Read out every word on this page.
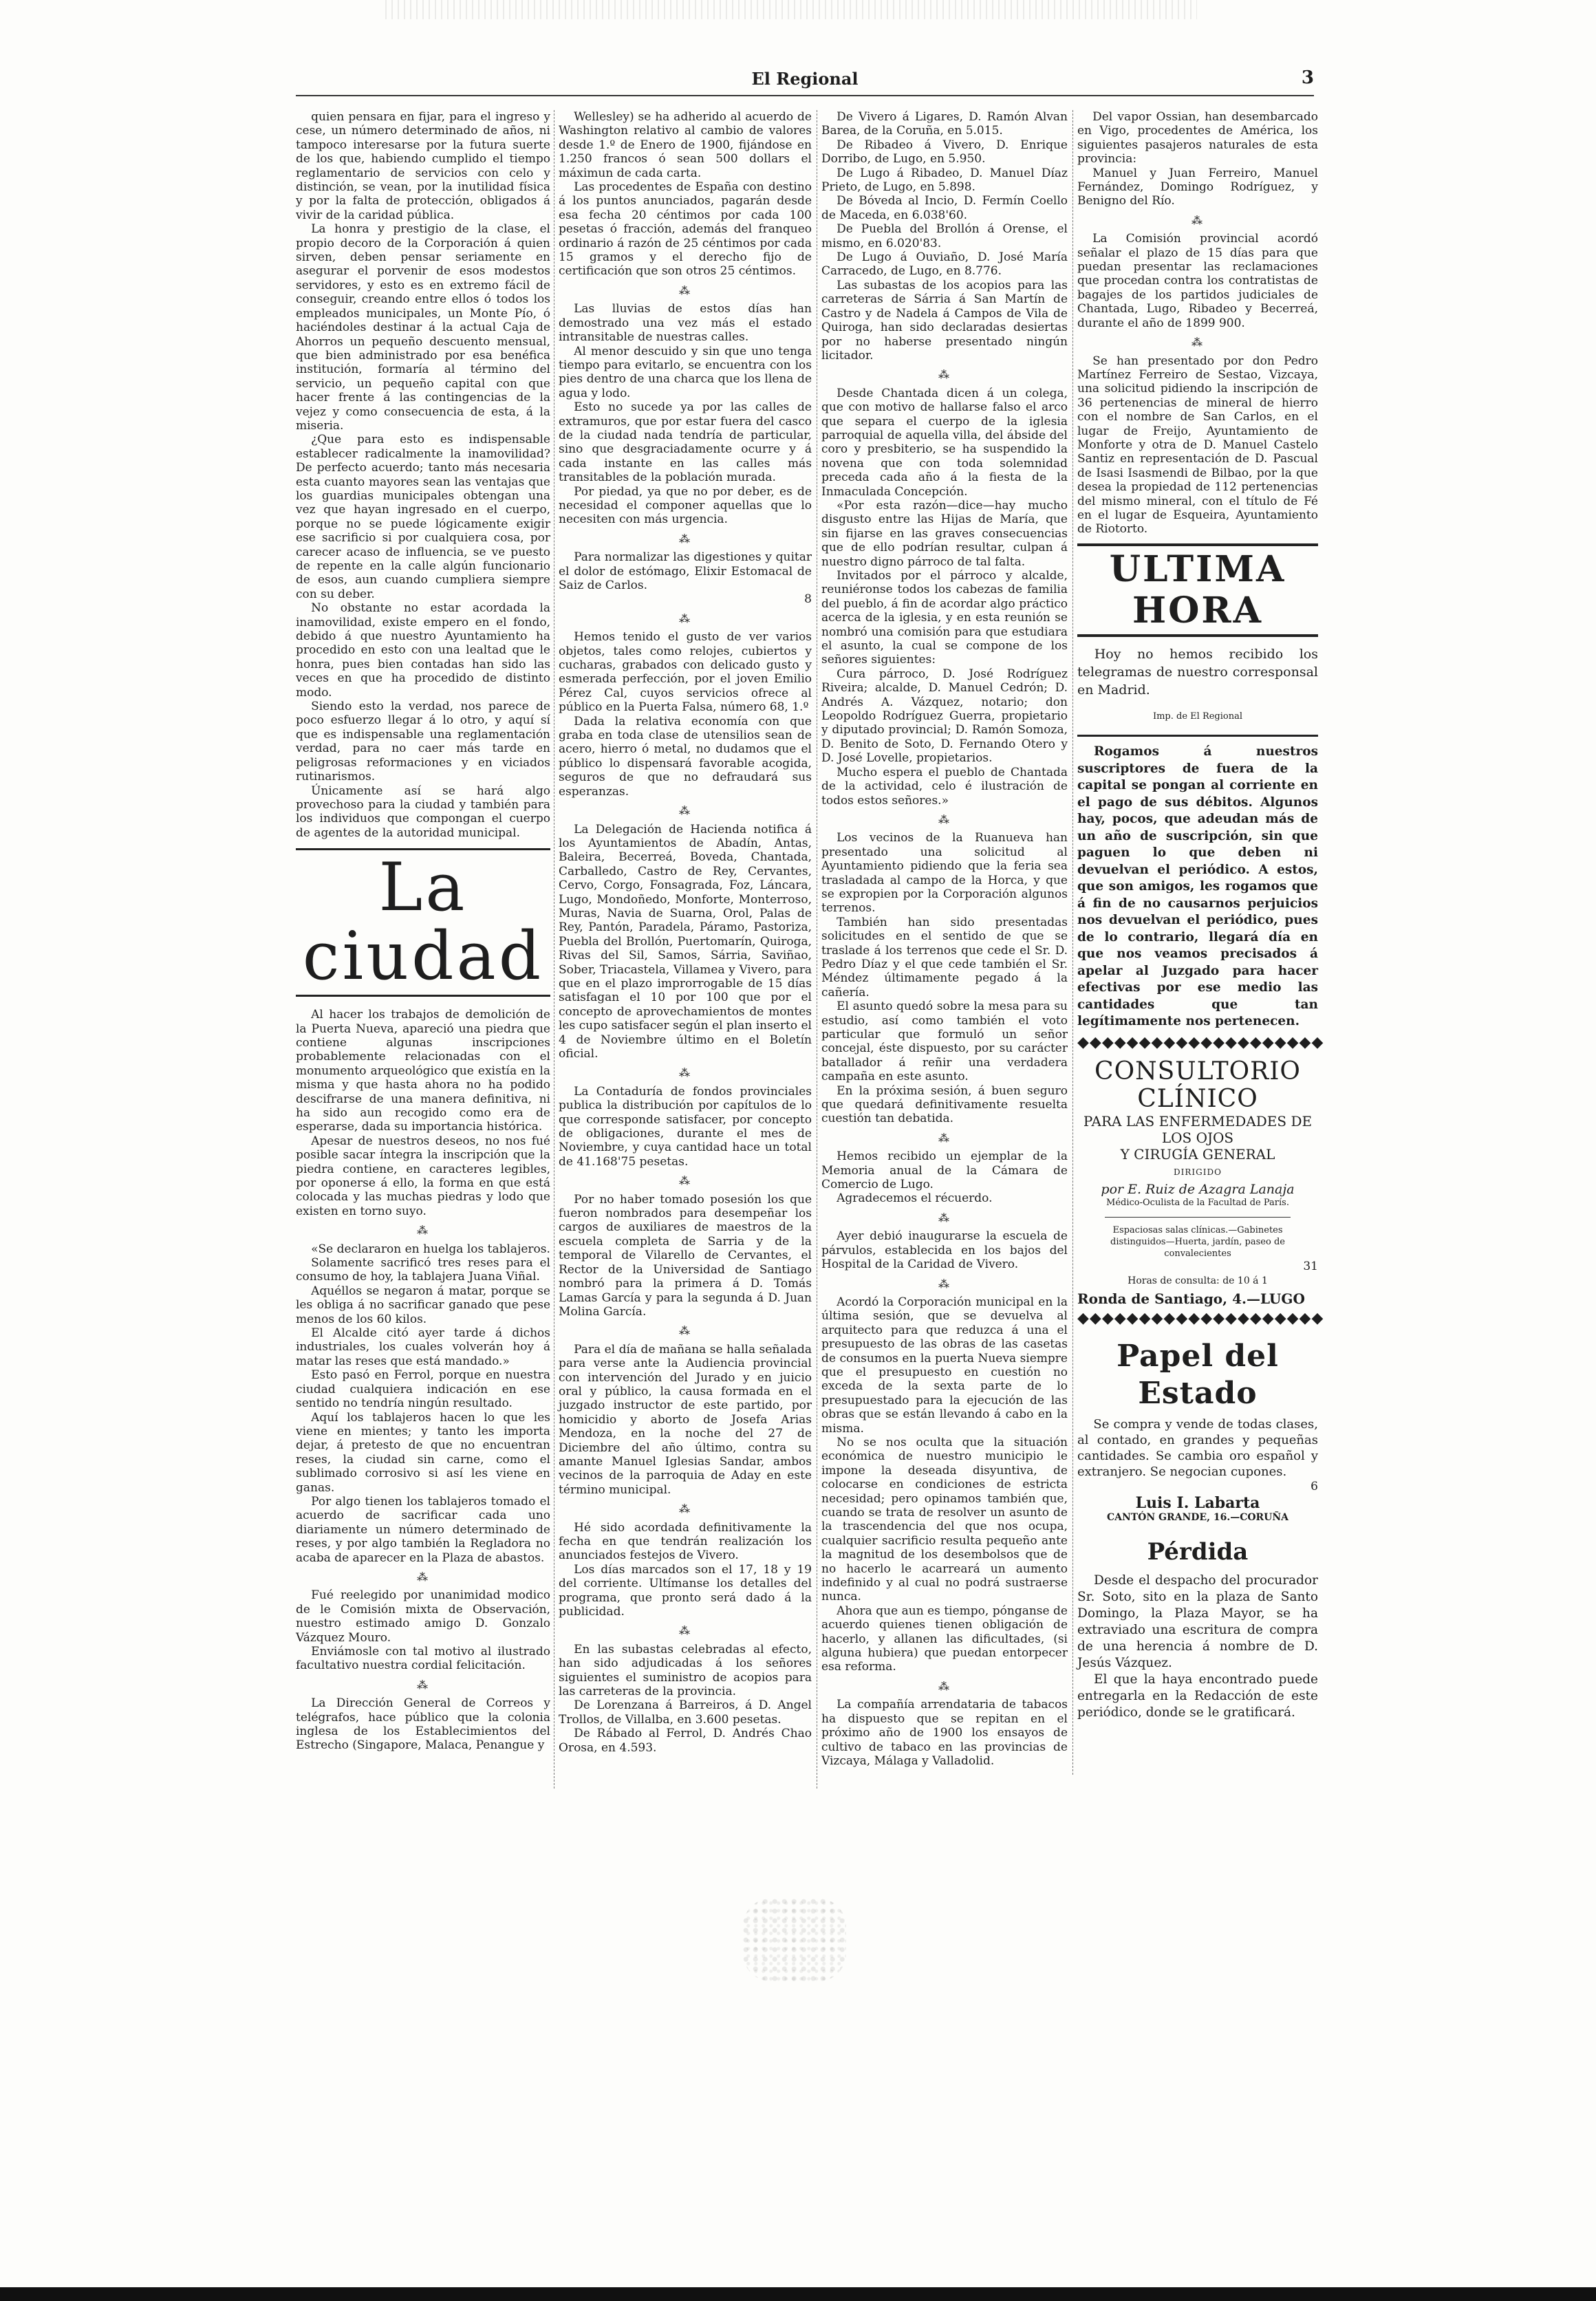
El Regional	3

quien pensara en fijar, para el ingreso y cese, un número determinado de años, ni tampoco interesarse por la futura suerte de los que, habiendo cumplido el tiempo reglamentario de servicios con celo y distinción, se vean, por la inutilidad física y por la falta de protección, obligados á vivir de la caridad pública.

La honra y prestigio de la clase, el propio decoro de la Corporación á quien sirven, deben pensar seriamente en asegurar el porvenir de esos modestos servidores, y esto es en extremo fácil de conseguir, creando entre ellos ó todos los empleados municipales, un Monte Pío, ó haciéndoles destinar á la actual Caja de Ahorros un pequeño descuento mensual, que bien administrado por esa benéfica institución, formaría al término del servicio, un pequeño capital con que hacer frente á las contingencias de la vejez y como consecuencia de esta, á la miseria.

¿Que para esto es indispensable establecer radicalmente la inamovilidad? De perfecto acuerdo; tanto más necesaria esta cuanto mayores sean las ventajas que los guardias municipales obtengan una vez que hayan ingresado en el cuerpo, porque no se puede lógicamente exigir ese sacrificio si por cualquiera cosa, por carecer acaso de influencia, se ve puesto de repente en la calle algún funcionario de esos, aun cuando cumpliera siempre con su deber.

No obstante no estar acordada la inamovilidad, existe empero en el fondo, debido á que nuestro Ayuntamiento ha procedido en esto con una lealtad que le honra, pues bien contadas han sido las veces en que ha procedido de distinto modo.

Siendo esto la verdad, nos parece de poco esfuerzo llegar á lo otro, y aquí sí que es indispensable una reglamentación verdad, para no caer más tarde en peligrosas reformaciones y en viciados rutinarismos.

Únicamente así se hará algo provechoso para la ciudad y también para los individuos que compongan el cuerpo de agentes de la autoridad municipal.

La ciudad

Al hacer los trabajos de demolición de la Puerta Nueva, apareció una piedra que contiene algunas inscripciones probablemente relacionadas con el monumento arqueológico que existía en la misma y que hasta ahora no ha podido descifrarse de una manera definitiva, ni ha sido aun recogido como era de esperarse, dada su importancia histórica.

Apesar de nuestros deseos, no nos fué posible sacar íntegra la inscripción que la piedra contiene, en caracteres legibles, por oponerse á ello, la forma en que está colocada y las muchas piedras y lodo que existen en torno suyo.

⁂

«Se declararon en huelga los tablajeros.

Solamente sacrificó tres reses para el consumo de hoy, la tablajera Juana Viñal.

Aquéllos se negaron á matar, porque se les obliga á no sacrificar ganado que pese menos de los 60 kilos.

El Alcalde citó ayer tarde á dichos industriales, los cuales volverán hoy á matar las reses que está mandado.»

Esto pasó en Ferrol, porque en nuestra ciudad cualquiera indicación en ese sentido no tendría ningún resultado.

Aquí los tablajeros hacen lo que les viene en mientes; y tanto les importa dejar, á pretesto de que no encuentran reses, la ciudad sin carne, como el sublimado corrosivo si así les viene en ganas.

Por algo tienen los tablajeros tomado el acuerdo de sacrificar cada uno diariamente un número determinado de reses, y por algo también la Regladora no acaba de aparecer en la Plaza de abastos.

⁂

Fué reelegido por unanimidad modico de le Comisión mixta de Observación, nuestro estimado amigo D. Gonzalo Vázquez Mouro.

Enviámosle con tal motivo al ilustrado facultativo nuestra cordial felicitación.

⁂

La Dirección General de Correos y telégrafos, hace público que la colonia inglesa de los Establecimientos del Estrecho (Singapore, Malaca, Penangue y

Wellesley) se ha adherido al acuerdo de Washington relativo al cambio de valores desde 1.º de Enero de 1900, fijándose en 1.250 francos ó sean 500 dollars el máximun de cada carta.

Las procedentes de España con destino á los puntos anunciados, pagarán desde esa fecha 20 céntimos por cada 100 pesetas ó fracción, además del franqueo ordinario á razón de 25 céntimos por cada 15 gramos y el derecho fijo de certificación que son otros 25 céntimos.

⁂

Las lluvias de estos días han demostrado una vez más el estado intransitable de nuestras calles.

Al menor descuido y sin que uno tenga tiempo para evitarlo, se encuentra con los pies dentro de una charca que los llena de agua y lodo.

Esto no sucede ya por las calles de extramuros, que por estar fuera del casco de la ciudad nada tendría de particular, sino que desgraciadamente ocurre y á cada instante en las calles más transitables de la población murada.

Por piedad, ya que no por deber, es de necesidad el componer aquellas que lo necesiten con más urgencia.

⁂

Para normalizar las digestiones y quitar el dolor de estómago, Elixir Estomacal de Saiz de Carlos.

8
⁂

Hemos tenido el gusto de ver varios objetos, tales como relojes, cubiertos y cucharas, grabados con delicado gusto y esmerada perfección, por el joven Emilio Pérez Cal, cuyos servicios ofrece al público en la Puerta Falsa, número 68, 1.º

Dada la relativa economía con que graba en toda clase de utensilios sean de acero, hierro ó metal, no dudamos que el público lo dispensará favorable acogida, seguros de que no defraudará sus esperanzas.

⁂

La Delegación de Hacienda notifica á los Ayuntamientos de Abadín, Antas, Baleira, Becerreá, Boveda, Chantada, Carballedo, Castro de Rey, Cervantes, Cervo, Corgo, Fonsagrada, Foz, Láncara, Lugo, Mondoñedo, Monforte, Monterroso, Muras, Navia de Suarna, Orol, Palas de Rey, Pantón, Paradela, Páramo, Pastoriza, Puebla del Brollón, Puertomarín, Quiroga, Rivas del Sil, Samos, Sárria, Saviñao, Sober, Triacastela, Villamea y Vivero, para que en el plazo improrrogable de 15 días satisfagan el 10 por 100 que por el concepto de aprovechamientos de montes les cupo satisfacer según el plan inserto el 4 de Noviembre último en el Boletín oficial.

⁂

La Contaduría de fondos provinciales publica la distribución por capítulos de lo que corresponde satisfacer, por concepto de obligaciones, durante el mes de Noviembre, y cuya cantidad hace un total de 41.168'75 pesetas.

⁂

Por no haber tomado posesión los que fueron nombrados para desempeñar los cargos de auxiliares de maestros de la escuela completa de Sarria y de la temporal de Vilarello de Cervantes, el Rector de la Universidad de Santiago nombró para la primera á D. Tomás Lamas García y para la segunda á D. Juan Molina García.

⁂

Para el día de mañana se halla señalada para verse ante la Audiencia provincial con intervención del Jurado y en juicio oral y público, la causa formada en el juzgado instructor de este partido, por homicidio y aborto de Josefa Arias Mendoza, en la noche del 27 de Diciembre del año último, contra su amante Manuel Iglesias Sandar, ambos vecinos de la parroquia de Aday en este término municipal.

⁂

Hé sido acordada definitivamente la fecha en que tendrán realización los anunciados festejos de Vivero.

Los días marcados son el 17, 18 y 19 del corriente. Ultímanse los detalles del programa, que pronto será dado á la publicidad.

⁂

En las subastas celebradas al efecto, han sido adjudicadas á los señores siguientes el suministro de acopios para las carreteras de la provincia.

De Lorenzana á Barreiros, á D. Angel Trollos, de Villalba, en 3.600 pesetas.

De Rábado al Ferrol, D. Andrés Chao Orosa, en 4.593.

De Vivero á Ligares, D. Ramón Alvan Barea, de la Coruña, en 5.015.

De Ribadeo á Vivero, D. Enrique Dorribo, de Lugo, en 5.950.

De Lugo á Ribadeo, D. Manuel Díaz Prieto, de Lugo, en 5.898.

De Bóveda al Incio, D. Fermín Coello de Maceda, en 6.038'60.

De Puebla del Brollón á Orense, el mismo, en 6.020'83.

De Lugo á Ouviaño, D. José María Carracedo, de Lugo, en 8.776.

Las subastas de los acopios para las carreteras de Sárria á San Martín de Castro y de Nadela á Campos de Vila de Quiroga, han sido declaradas desiertas por no haberse presentado ningún licitador.

⁂

Desde Chantada dicen á un colega, que con motivo de hallarse falso el arco que separa el cuerpo de la iglesia parroquial de aquella villa, del ábside del coro y presbiterio, se ha suspendido la novena que con toda solemnidad preceda cada año á la fiesta de la Inmaculada Concepción.

«Por esta razón—dice—hay mucho disgusto entre las Hijas de María, que sin fijarse en las graves consecuencias que de ello podrían resultar, culpan á nuestro digno párroco de tal falta.

Invitados por el párroco y alcalde, reuniéronse todos los cabezas de familia del pueblo, á fin de acordar algo práctico acerca de la iglesia, y en esta reunión se nombró una comisión para que estudiara el asunto, la cual se compone de los señores siguientes:

Cura párroco, D. José Rodríguez Riveira; alcalde, D. Manuel Cedrón; D. Andrés A. Vázquez, notario; don Leopoldo Rodríguez Guerra, propietario y diputado provincial; D. Ramón Somoza, D. Benito de Soto, D. Fernando Otero y D. José Lovelle, propietarios.

Mucho espera el pueblo de Chantada de la actividad, celo é ilustración de todos estos señores.»

⁂

Los vecinos de la Ruanueva han presentado una solicitud al Ayuntamiento pidiendo que la feria sea trasladada al campo de la Horca, y que se expropien por la Corporación algunos terrenos.

También han sido presentadas solicitudes en el sentido de que se traslade á los terrenos que cede el Sr. D. Pedro Díaz y el que cede también el Sr. Méndez últimamente pegado á la cañería.

El asunto quedó sobre la mesa para su estudio, así como también el voto particular que formuló un señor concejal, éste dispuesto, por su carácter batallador á reñir una verdadera campaña en este asunto.

En la próxima sesión, á buen seguro que quedará definitivamente resuelta cuestión tan debatida.

⁂

Hemos recibido un ejemplar de la Memoria anual de la Cámara de Comercio de Lugo.

Agradecemos el récuerdo.

⁂

Ayer debió inaugurarse la escuela de párvulos, establecida en los bajos del Hospital de la Caridad de Vivero.

⁂

Acordó la Corporación municipal en la última sesión, que se devuelva al arquitecto para que reduzca á una el presupuesto de las obras de las casetas de consumos en la puerta Nueva siempre que el presupuesto en cuestión no exceda de la sexta parte de lo presupuestado para la ejecución de las obras que se están llevando á cabo en la misma.

No se nos oculta que la situación económica de nuestro municipio le impone la deseada disyuntiva, de colocarse en condiciones de estricta necesidad; pero opinamos también que, cuando se trata de resolver un asunto de la trascendencia del que nos ocupa, cualquier sacrificio resulta pequeño ante la magnitud de los desembolsos que de no hacerlo le acarreará un aumento indefinido y al cual no podrá sustraerse nunca.

Ahora que aun es tiempo, pónganse de acuerdo quienes tienen obligación de hacerlo, y allanen las dificultades, (si alguna hubiera) que puedan entorpecer esa reforma.

⁂

La compañía arrendataria de tabacos ha dispuesto que se repitan en el próximo año de 1900 los ensayos de cultivo de tabaco en las provincias de Vizcaya, Málaga y Valladolid.

Del vapor Ossian, han desembarcado en Vigo, procedentes de América, los siguientes pasajeros naturales de esta provincia:

Manuel y Juan Ferreiro, Manuel Fernández, Domingo Rodríguez, y Benigno del Río.

⁂

La Comisión provincial acordó señalar el plazo de 15 días para que puedan presentar las reclamaciones que procedan contra los contratistas de bagajes de los partidos judiciales de Chantada, Lugo, Ribadeo y Becerreá, durante el año de 1899 900.

⁂

Se han presentado por don Pedro Martínez Ferreiro de Sestao, Vizcaya, una solicitud pidiendo la inscripción de 36 pertenencias de mineral de hierro con el nombre de San Carlos, en el lugar de Freijo, Ayuntamiento de Monforte y otra de D. Manuel Castelo Santiz en representación de D. Pascual de Isasi Isasmendi de Bilbao, por la que desea la propiedad de 112 pertenencias del mismo mineral, con el título de Fé en el lugar de Esqueira, Ayuntamiento de Riotorto.

ULTIMA HORA

Hoy no hemos recibido los telegramas de nuestro corresponsal en Madrid.

Imp. de El Regional

Rogamos á nuestros suscriptores de fuera de la capital se pongan al corriente en el pago de sus débitos. Algunos hay, pocos, que adeudan más de un año de suscripción, sin que paguen lo que deben ni devuelvan el periódico. A estos, que son amigos, les rogamos que á fin de no causarnos perjuicios nos devuelvan el periódico, pues de lo contrario, llegará día en que nos veamos precisados á apelar al Juzgado para hacer efectivas por ese medio las cantidades que tan legítimamente nos pertenecen.

◆◆◆◆◆◆◆◆◆◆◆◆◆◆◆◆◆◆◆◆
CONSULTORIO CLÍNICO
PARA LAS ENFERMEDADES DE LOS OJOS
Y CIRUGÍA GENERAL
DIRIGIDO
por E. Ruiz de Azagra Lanaja
Médico-Oculista de la Facultad de París.
Espaciosas salas clínicas.—Gabinetes distinguidos—Huerta, jardín, paseo de convalecientes
31
Horas de consulta: de 10 á 1
Ronda de Santiago, 4.—LUGO
◆◆◆◆◆◆◆◆◆◆◆◆◆◆◆◆◆◆◆◆
Papel del Estado

Se compra y vende de todas clases, al contado, en grandes y pequeñas cantidades. Se cambia oro español y extranjero. Se negocian cupones.

6
Luis I. Labarta
CANTÓN GRANDE, 16.—CORUÑA
Pérdida

Desde el despacho del procurador Sr. Soto, sito en la plaza de Santo Domingo, la Plaza Mayor, se ha extraviado una escritura de compra de una herencia á nombre de D. Jesús Vázquez.

El que la haya encontrado puede entregarla en la Redacción de este periódico, donde se le gratificará.
